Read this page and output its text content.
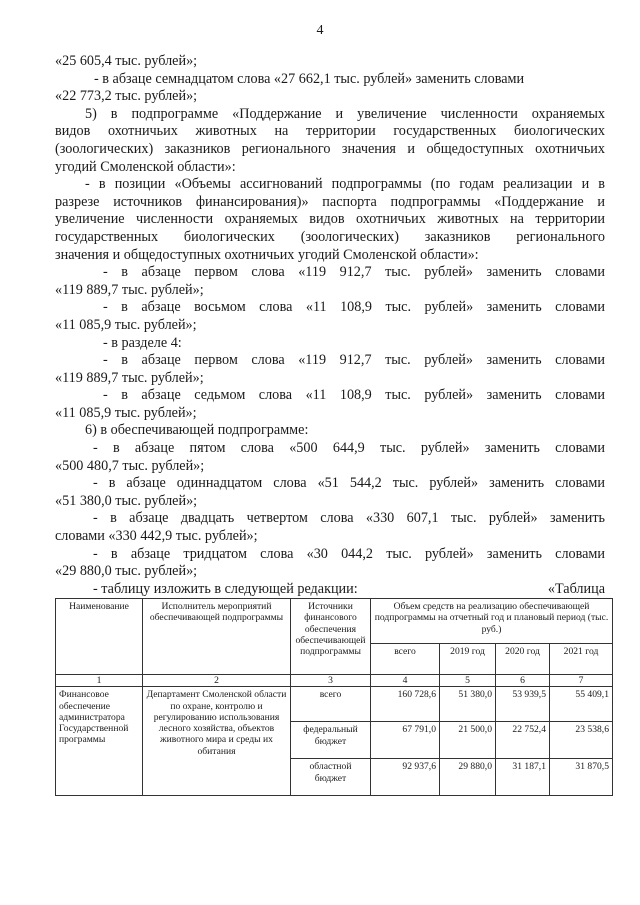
4
«25 605,4 тыс. рублей»;
- в абзаце семнадцатом слова «27 662,1 тыс. рублей» заменить словами
«22 773,2 тыс. рублей»;
5) в подпрограмме «Поддержание и увеличение численности охраняемых
видов охотничьих животных на территории государственных биологических
(зоологических) заказников регионального значения и общедоступных охотничьих
угодий Смоленской области»:
- в позиции «Объемы ассигнований подпрограммы (по годам реализации и в
разрезе источников финансирования)» паспорта подпрограммы «Поддержание и
увеличение численности охраняемых видов охотничьих животных на территории
государственных биологических (зоологических) заказников регионального
значения и общедоступных охотничьих угодий Смоленской области»:
- в абзаце первом слова «119 912,7 тыс. рублей» заменить словами
«119 889,7 тыс. рублей»;
- в абзаце восьмом слова «11 108,9 тыс. рублей» заменить словами
«11 085,9 тыс. рублей»;
- в разделе 4:
- в абзаце первом слова «119 912,7 тыс. рублей» заменить словами
«119 889,7 тыс. рублей»;
- в абзаце седьмом слова «11 108,9 тыс. рублей» заменить словами
«11 085,9 тыс. рублей»;
6) в обеспечивающей подпрограмме:
- в абзаце пятом слова «500 644,9 тыс. рублей» заменить словами
«500 480,7 тыс. рублей»;
- в абзаце одиннадцатом слова «51 544,2 тыс. рублей» заменить словами
«51 380,0 тыс. рублей»;
- в абзаце двадцать четвертом слова «330 607,1 тыс. рублей» заменить
словами «330 442,9 тыс. рублей»;
- в абзаце тридцатом слова «30 044,2 тыс. рублей» заменить словами
«29 880,0 тыс. рублей»;
- таблицу изложить в следующей редакции:	«Таблица
Наименование	Исполнитель мероприятий обеспечивающей подпрограммы	Источники финансового обеспечения обеспечивающей подпрограммы	Объем средств на реализацию обеспечивающей подпрограммы на отчетный год и плановый период (тыс. руб.)			
			всего	2019 год	2020 год	2021 год
1	2	3	4	5	6	7
Финансовое обеспечение администратора Государственной программы	Департамент Смоленской области по охране, контролю и регулированию использования лесного хозяйства, объектов животного мира и среды их обитания	всего	160 728,6	51 380,0	53 939,5	55 409,1
		федеральный бюджет	67 791,0	21 500,0	22 752,4	23 538,6
		областной бюджет	92 937,6	29 880,0	31 187,1	31 870,5
